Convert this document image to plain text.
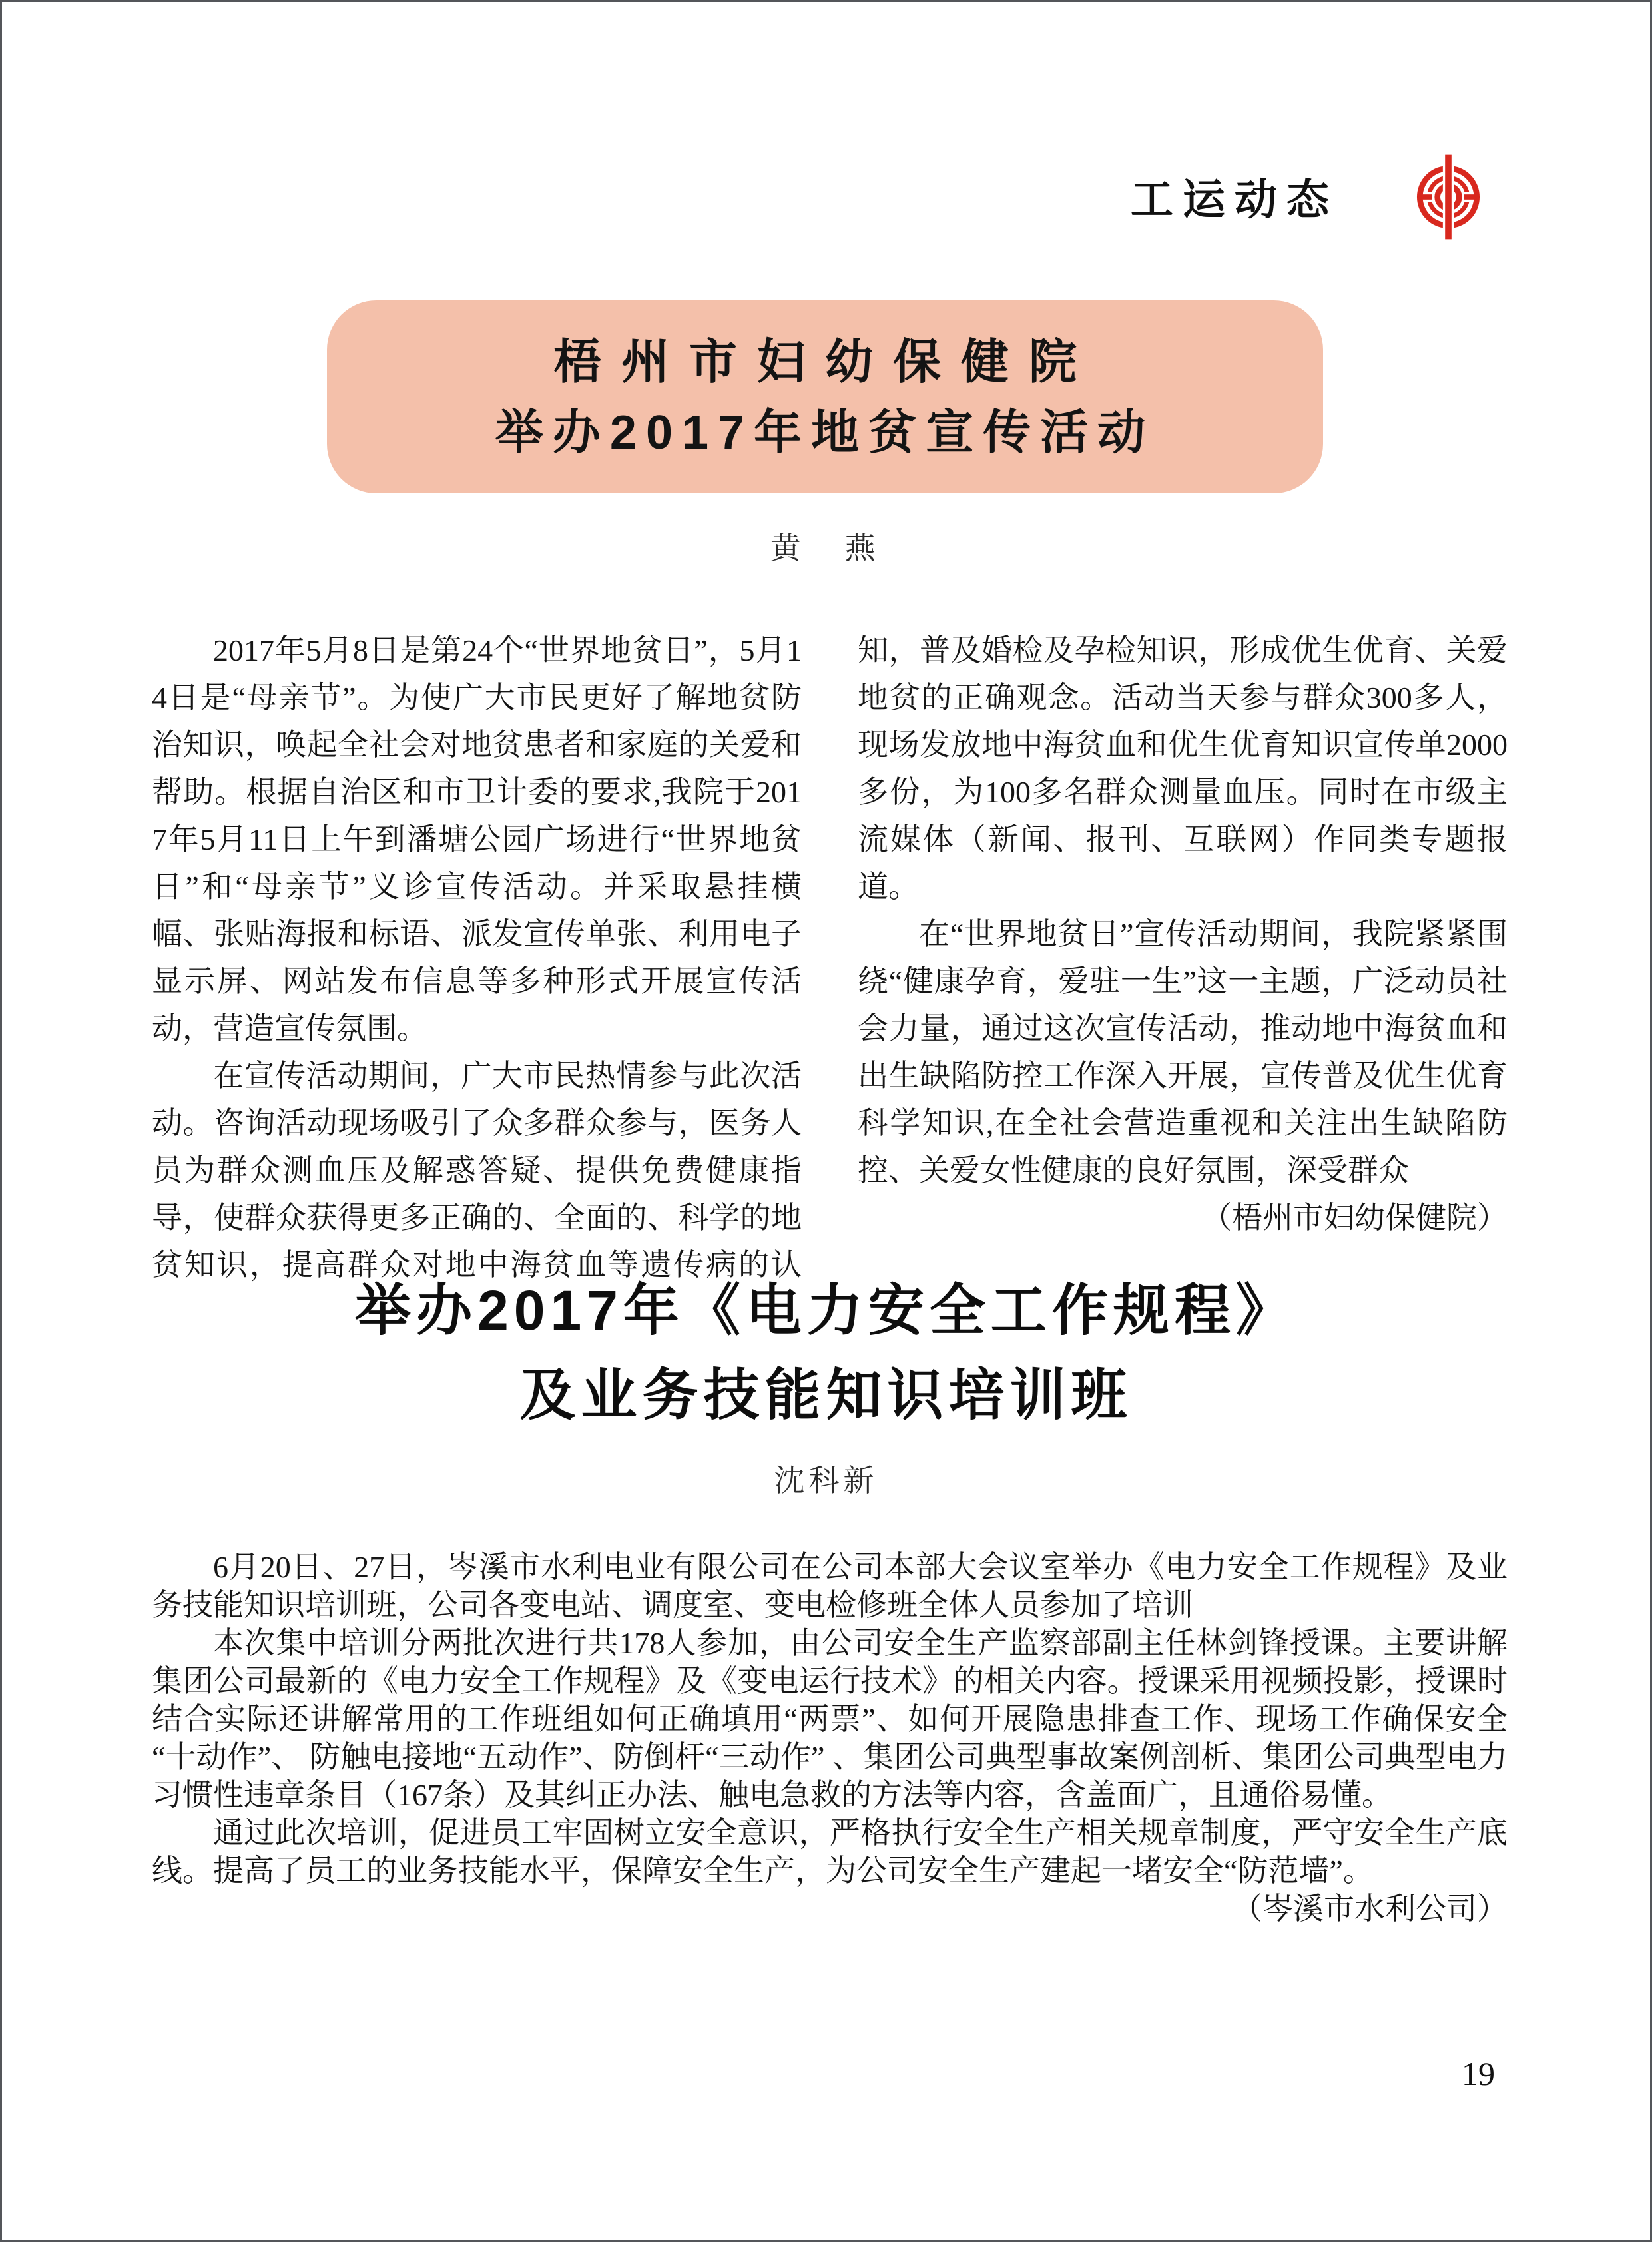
工运动态
梧州市妇幼保健院
举办2017年地贫宣传活动
黄　燕

2017年5月8日是第24个“世界地贫日”，5月14日是“母亲节”。为使广大市民更好了解地贫防治知识，唤起全社会对地贫患者和家庭的关爱和帮助。根据自治区和市卫计委的要求,我院于2017年5月11日上午到潘塘公园广场进行“世界地贫日”和“母亲节”义诊宣传活动。并采取悬挂横幅、张贴海报和标语、派发宣传单张、利用电子显示屏、网站发布信息等多种形式开展宣传活动，营造宣传氛围。

在宣传活动期间，广大市民热情参与此次活动。咨询活动现场吸引了众多群众参与，医务人员为群众测血压及解惑答疑、提供免费健康指导，使群众获得更多正确的、全面的、科学的地贫知识，提高群众对地中海贫血等遗传病的认知，普及婚检及孕检知识，形成优生优育、关爱地贫的正确观念。活动当天参与群众300多人，现场发放地中海贫血和优生优育知识宣传单2000多份，为100多名群众测量血压。同时在市级主流媒体（新闻、报刊、互联网）作同类专题报道。

在“世界地贫日”宣传活动期间，我院紧紧围绕“健康孕育，爱驻一生”这一主题，广泛动员社会力量，通过这次宣传活动，推动地中海贫血和出生缺陷防控工作深入开展，宣传普及优生优育科学知识,在全社会营造重视和关注出生缺陷防控、关爱女性健康的良好氛围，深受群众
（梧州市妇幼保健院）

举办2017年《电力安全工作规程》
及业务技能知识培训班
沈科新

6月20日、27日，岑溪市水利电业有限公司在公司本部大会议室举办《电力安全工作规程》及业务技能知识培训班，公司各变电站、调度室、变电检修班全体人员参加了培训

本次集中培训分两批次进行共178人参加，由公司安全生产监察部副主任林剑锋授课。主要讲解集团公司最新的《电力安全工作规程》及《变电运行技术》的相关内容。授课采用视频投影，授课时结合实际还讲解常用的工作班组如何正确填用“两票”、如何开展隐患排查工作、现场工作确保安全“十动作”、 防触电接地“五动作”、防倒杆“三动作” 、集团公司典型事故案例剖析、集团公司典型电力习惯性违章条目（167条）及其纠正办法、触电急救的方法等内容，含盖面广，且通俗易懂。

通过此次培训，促进员工牢固树立安全意识，严格执行安全生产相关规章制度，严守安全生产底线。提高了员工的业务技能水平，保障安全生产，为公司安全生产建起一堵安全“防范墙”。

（岑溪市水利公司）
19
